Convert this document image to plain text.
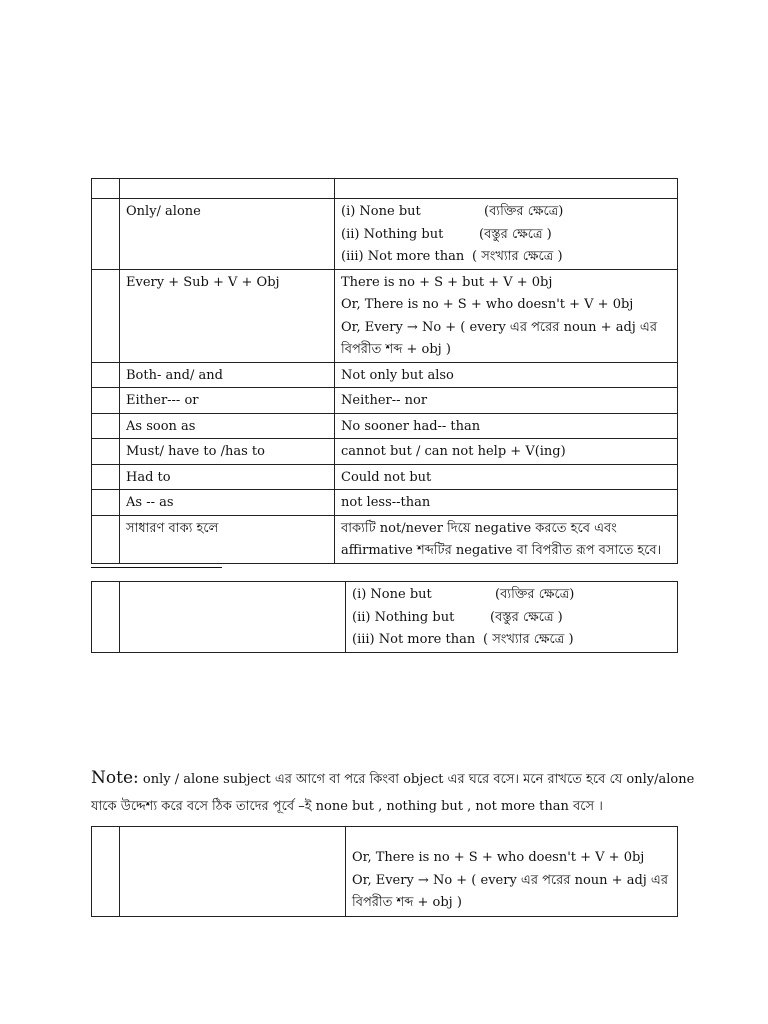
	Only/ alone	(i) None but (ব্যক্তির ক্ষেত্রে)
(ii) Nothing but (বস্তুর ক্ষেত্রে )
(iii) Not more than ( সংখ্যার ক্ষেত্রে )

	Every + Sub + V + Obj	There is no + S + but + V + 0bj
Or, There is no + S + who doesn't + V + 0bj
Or, Every → No + ( every এর পরের noun + adj এর
বিপরীত শব্দ + obj )

	Both- and/ and	Not only but also
	Either--- or	Neither-- nor
	As soon as	No sooner had-- than
	Must/ have to /has to	cannot but / can not help + V(ing)
	Had to	Could not but
	As -- as	not less--than
	সাধারণ বাক্য হলে	বাক্যটি not/never দিয়ে negative করতে হবে এবং
affirmative শব্দটির negative বা বিপরীত রূপ বসাতে হবে।

(i) None but	(ব্যক্তির ক্ষেত্রে)
(ii) Nothing but	(বস্তুর ক্ষেত্রে )
(iii) Not more than ( সংখ্যার ক্ষেত্রে )
Note: only / alone subject এর আগে বা পরে কিংবা object এর ঘরে বসে। মনে রাখতে হবে যে only/alone
যাকে উদ্দেশ্য করে বসে ঠিক তাদের পূর্বে –ই none but , nothing but , not more than বসে ।

Or, There is no + S + who doesn't + V + 0bj
Or, Every → No + ( every এর পরের noun + adj এর
বিপরীত শব্দ + obj )
